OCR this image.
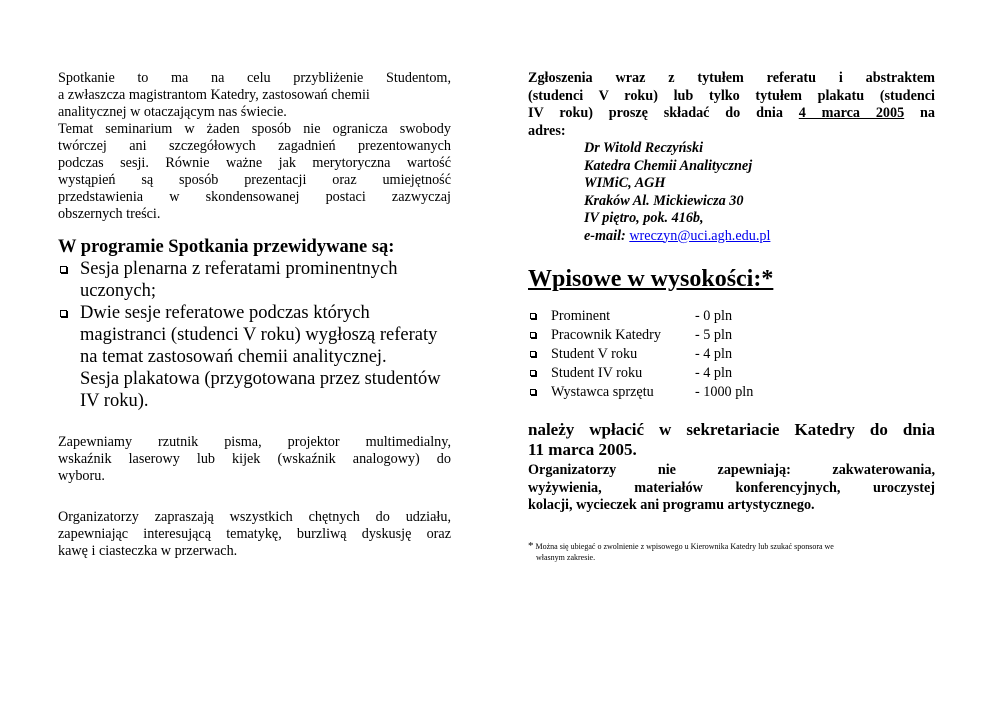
Spotkanie to ma na celu przybliżenie Studentom,
a zwłaszcza magistrantom Katedry, zastosowań chemii
analitycznej w otaczającym nas świecie.
Temat seminarium w żaden sposób nie ogranicza swobody
twórczej ani szczegółowych zagadnień prezentowanych
podczas sesji. Równie ważne jak merytoryczna wartość
wystąpień są sposób prezentacji oraz umiejętność
przedstawienia w skondensowanej postaci zazwyczaj
obszernych treści.

W programie Spotkania przewidywane są:
Sesja plenarna z referatami prominentnych
uczonych;
Dwie sesje referatowe podczas których
magistranci (studenci V roku) wygłoszą referaty
na temat zastosowań chemii analitycznej.
Sesja plakatowa (przygotowana przez studentów
IV roku).

Zapewniamy rzutnik pisma, projektor multimedialny,
wskaźnik laserowy lub kijek (wskaźnik analogowy) do
wyboru.

Organizatorzy zapraszają wszystkich chętnych do udziału,
zapewniając interesującą tematykę, burzliwą dyskusję oraz
kawę i ciasteczka w przerwach.

Zgłoszenia wraz z tytułem referatu i abstraktem
(studenci V roku) lub tylko tytułem plakatu (studenci
IV roku) proszę składać do dnia 4 marca 2005 na
adres:

Dr Witold Reczyński
Katedra Chemii Analitycznej
WIMiC, AGH
Kraków Al. Mickiewicza 30
IV piętro, pok. 416b,
e-mail: wreczyn@uci.agh.edu.pl
Wpisowe w wysokości:*
	Prominent	- 0 pln

	Pracownik Katedry	- 5 pln

	Student V roku	- 4 pln

	Student IV roku	- 4 pln

	Wystawca sprzętu	- 1000 pln

należy wpłacić w sekretariacie Katedry do dnia
11 marca 2005.

Organizatorzy nie zapewniają: zakwaterowania,
wyżywienia, materiałów konferencyjnych, uroczystej
kolacji, wycieczek ani programu artystycznego.

* Można się ubiegać o zwolnienie z wpisowego u Kierownika Katedry lub szukać sponsora we
własnym zakresie.
